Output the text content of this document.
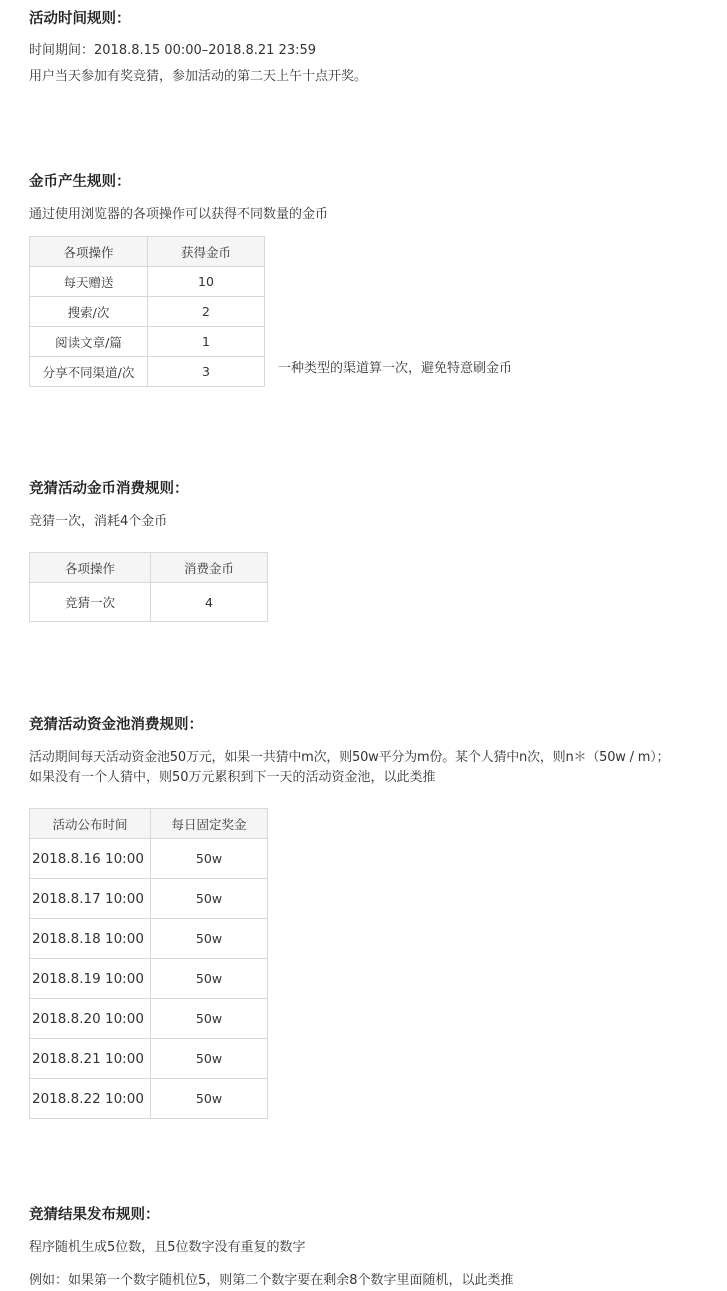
活动时间规则：
时间期间：2018.8.15 00:00–2018.8.21 23:59
用户当天参加有奖竞猜，参加活动的第二天上午十点开奖。
金币产生规则：
通过使用浏览器的各项操作可以获得不同数量的金币
各项操作	获得金币
每天赠送	10
搜索/次	2
阅读文章/篇	1
分享不同渠道/次	3	一种类型的渠道算一次，避免特意刷金币
竞猜活动金币消费规则：
竞猜一次，消耗4个金币
各项操作	消费金币
竞猜一次	4
竞猜活动资金池消费规则：
活动期间每天活动资金池50万元，如果一共猜中m次，则50w平分为m份。某个人猜中n次，则n＊（50w / m）；
如果没有一个人猜中，则50万元累积到下一天的活动资金池，以此类推
活动公布时间	每日固定奖金
2018.8.16 10:00	50w
2018.8.17 10:00	50w
2018.8.18 10:00	50w
2018.8.19 10:00	50w
2018.8.20 10:00	50w
2018.8.21 10:00	50w
2018.8.22 10:00	50w
竞猜结果发布规则：
程序随机生成5位数，且5位数字没有重复的数字
例如：如果第一个数字随机位5，则第二个数字要在剩余8个数字里面随机，以此类推
